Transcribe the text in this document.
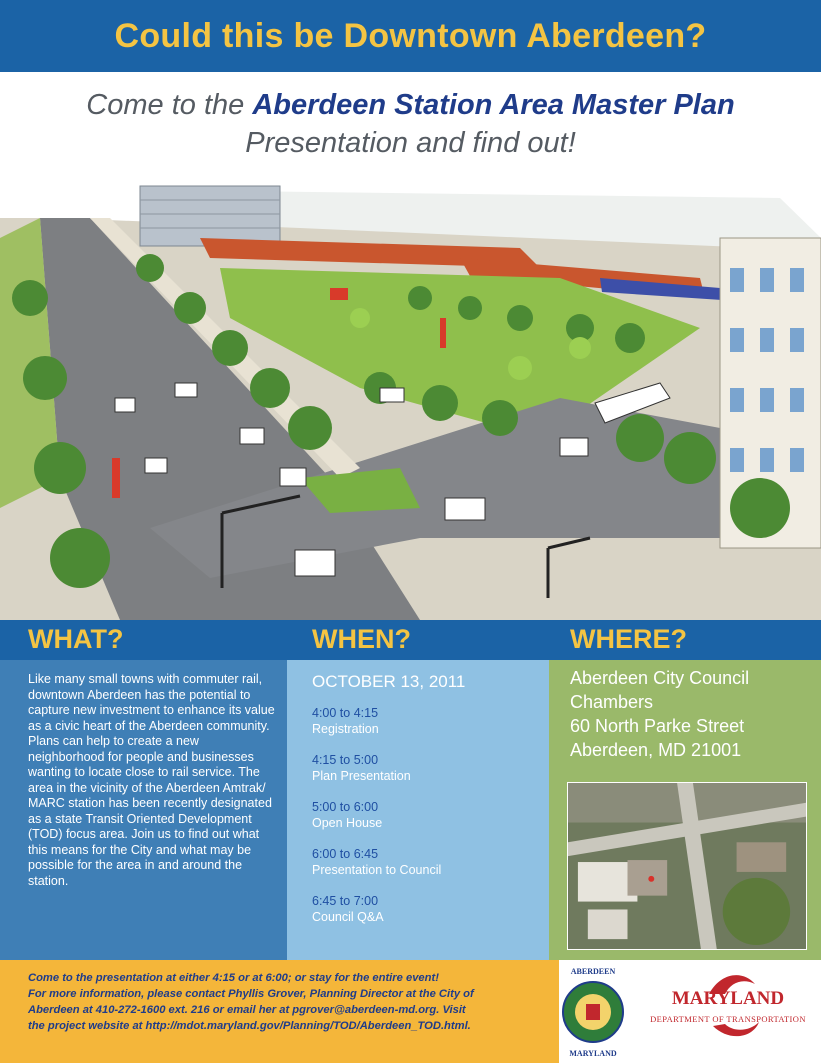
Could this be Downtown Aberdeen?
Come to the Aberdeen Station Area Master Plan
Presentation and find out!
WHAT?
Like many small towns with commuter rail, downtown Aberdeen has the potential to capture new investment to enhance its value as a civic heart of the Aberdeen community. Plans can help to create a new neighborhood for people and businesses wanting to locate close to rail service. The area in the vicinity of the Aberdeen Amtrak/ MARC station has been recently designated as a state Transit Oriented Development (TOD) focus area. Join us to find out what this means for the City and what may be possible for the area in and around the station.
WHEN?
OCTOBER 13, 2011
4:00 to 4:15
Registration
4:15 to 5:00
Plan Presentation
5:00 to 6:00
Open House
6:00 to 6:45
Presentation to Council
6:45 to 7:00
Council Q&A
WHERE?
Aberdeen City Council
Chambers
60 North Parke Street
Aberdeen, MD 21001
Come to the presentation at either 4:15 or at 6:00; or stay for the entire event!
For more information, please contact Phyllis Grover, Planning Director at the City of
Aberdeen at 410-272-1600 ext. 216 or email her at pgrover@aberdeen-md.org. Visit
the project website at http://mdot.maryland.gov/Planning/TOD/Aberdeen_TOD.html.
ABERDEEN
MARYLAND
MARYLAND
DEPARTMENT OF TRANSPORTATION
